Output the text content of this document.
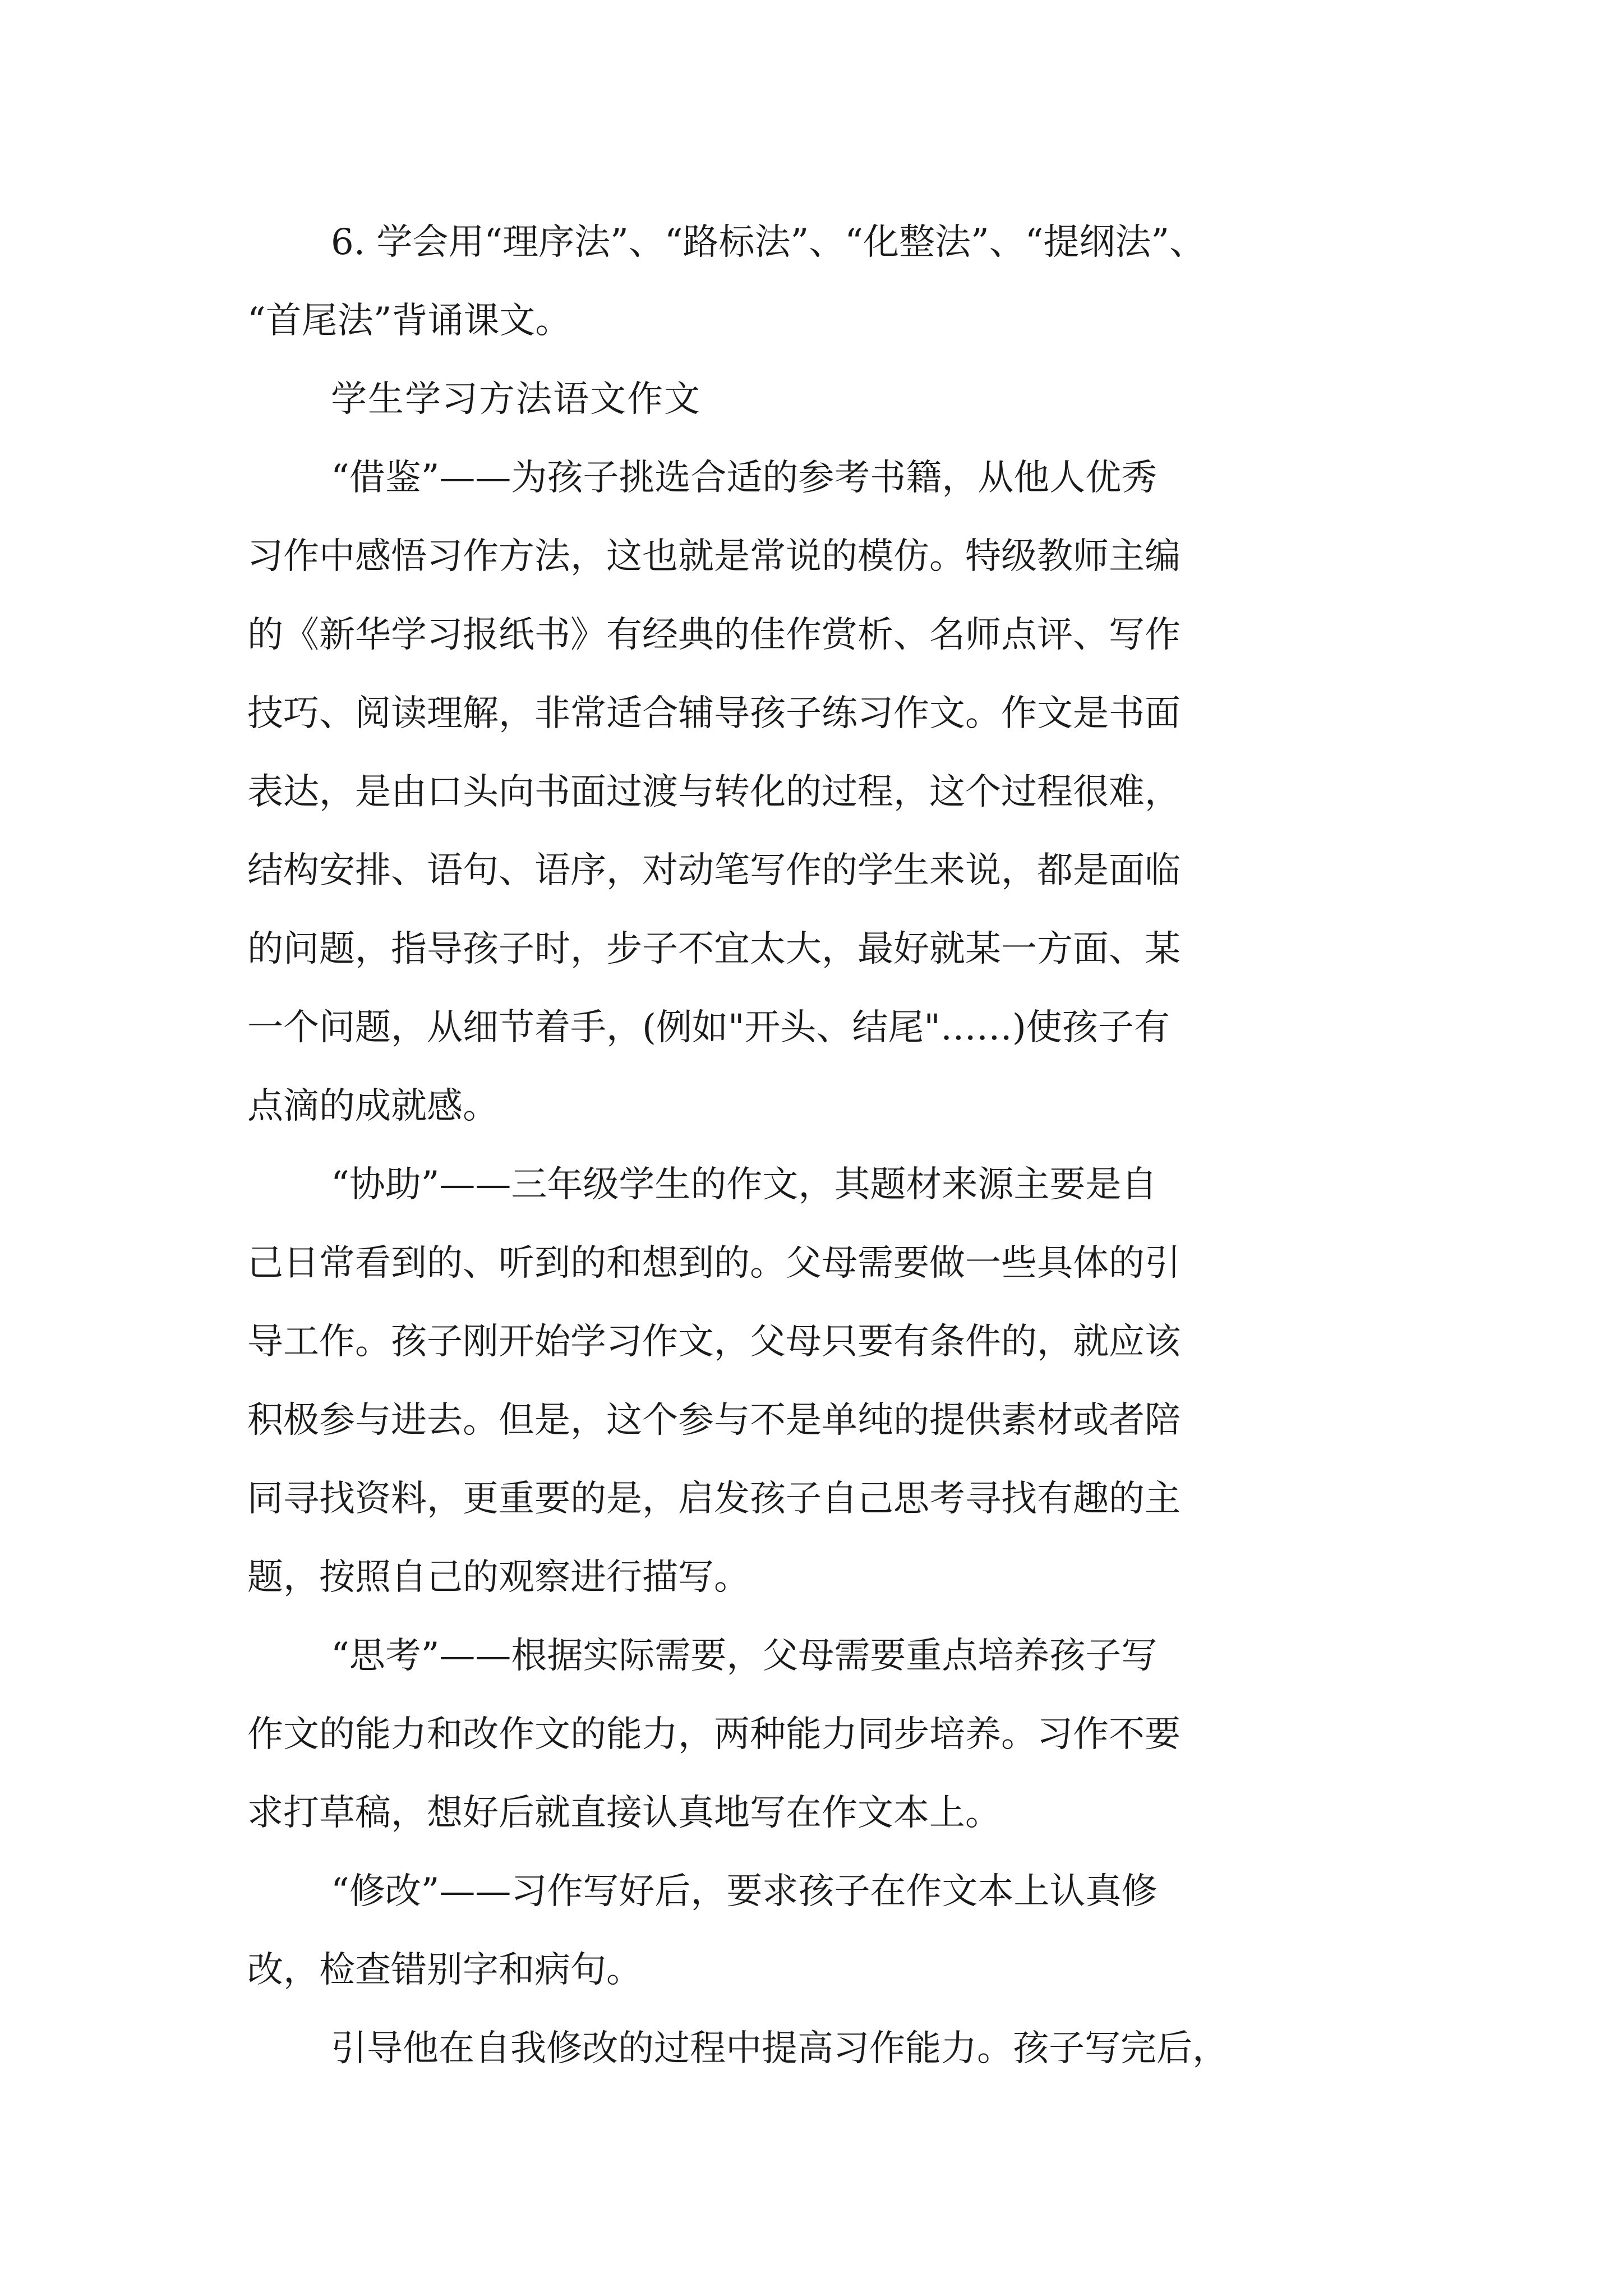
6. 学会用“理序法”、“路标法”、“化整法”、“提纲法”、

“首尾法”背诵课文。

学生学习方法语文作文

“借鉴”——为孩子挑选合适的参考书籍，从他人优秀

习作中感悟习作方法，这也就是常说的模仿。特级教师主编

的《新华学习报纸书》有经典的佳作赏析、名师点评、写作

技巧、阅读理解，非常适合辅导孩子练习作文。作文是书面

表达，是由口头向书面过渡与转化的过程，这个过程很难，

结构安排、语句、语序，对动笔写作的学生来说，都是面临

的问题，指导孩子时，步子不宜太大，最好就某一方面、某

一个问题，从细节着手，(例如"开头、结尾"……)使孩子有

点滴的成就感。

“协助”——三年级学生的作文，其题材来源主要是自

己日常看到的、听到的和想到的。父母需要做一些具体的引

导工作。孩子刚开始学习作文，父母只要有条件的，就应该

积极参与进去。但是，这个参与不是单纯的提供素材或者陪

同寻找资料，更重要的是，启发孩子自己思考寻找有趣的主

题，按照自己的观察进行描写。

“思考”——根据实际需要，父母需要重点培养孩子写

作文的能力和改作文的能力，两种能力同步培养。习作不要

求打草稿，想好后就直接认真地写在作文本上。

“修改”——习作写好后，要求孩子在作文本上认真修

改，检查错别字和病句。

引导他在自我修改的过程中提高习作能力。孩子写完后，
